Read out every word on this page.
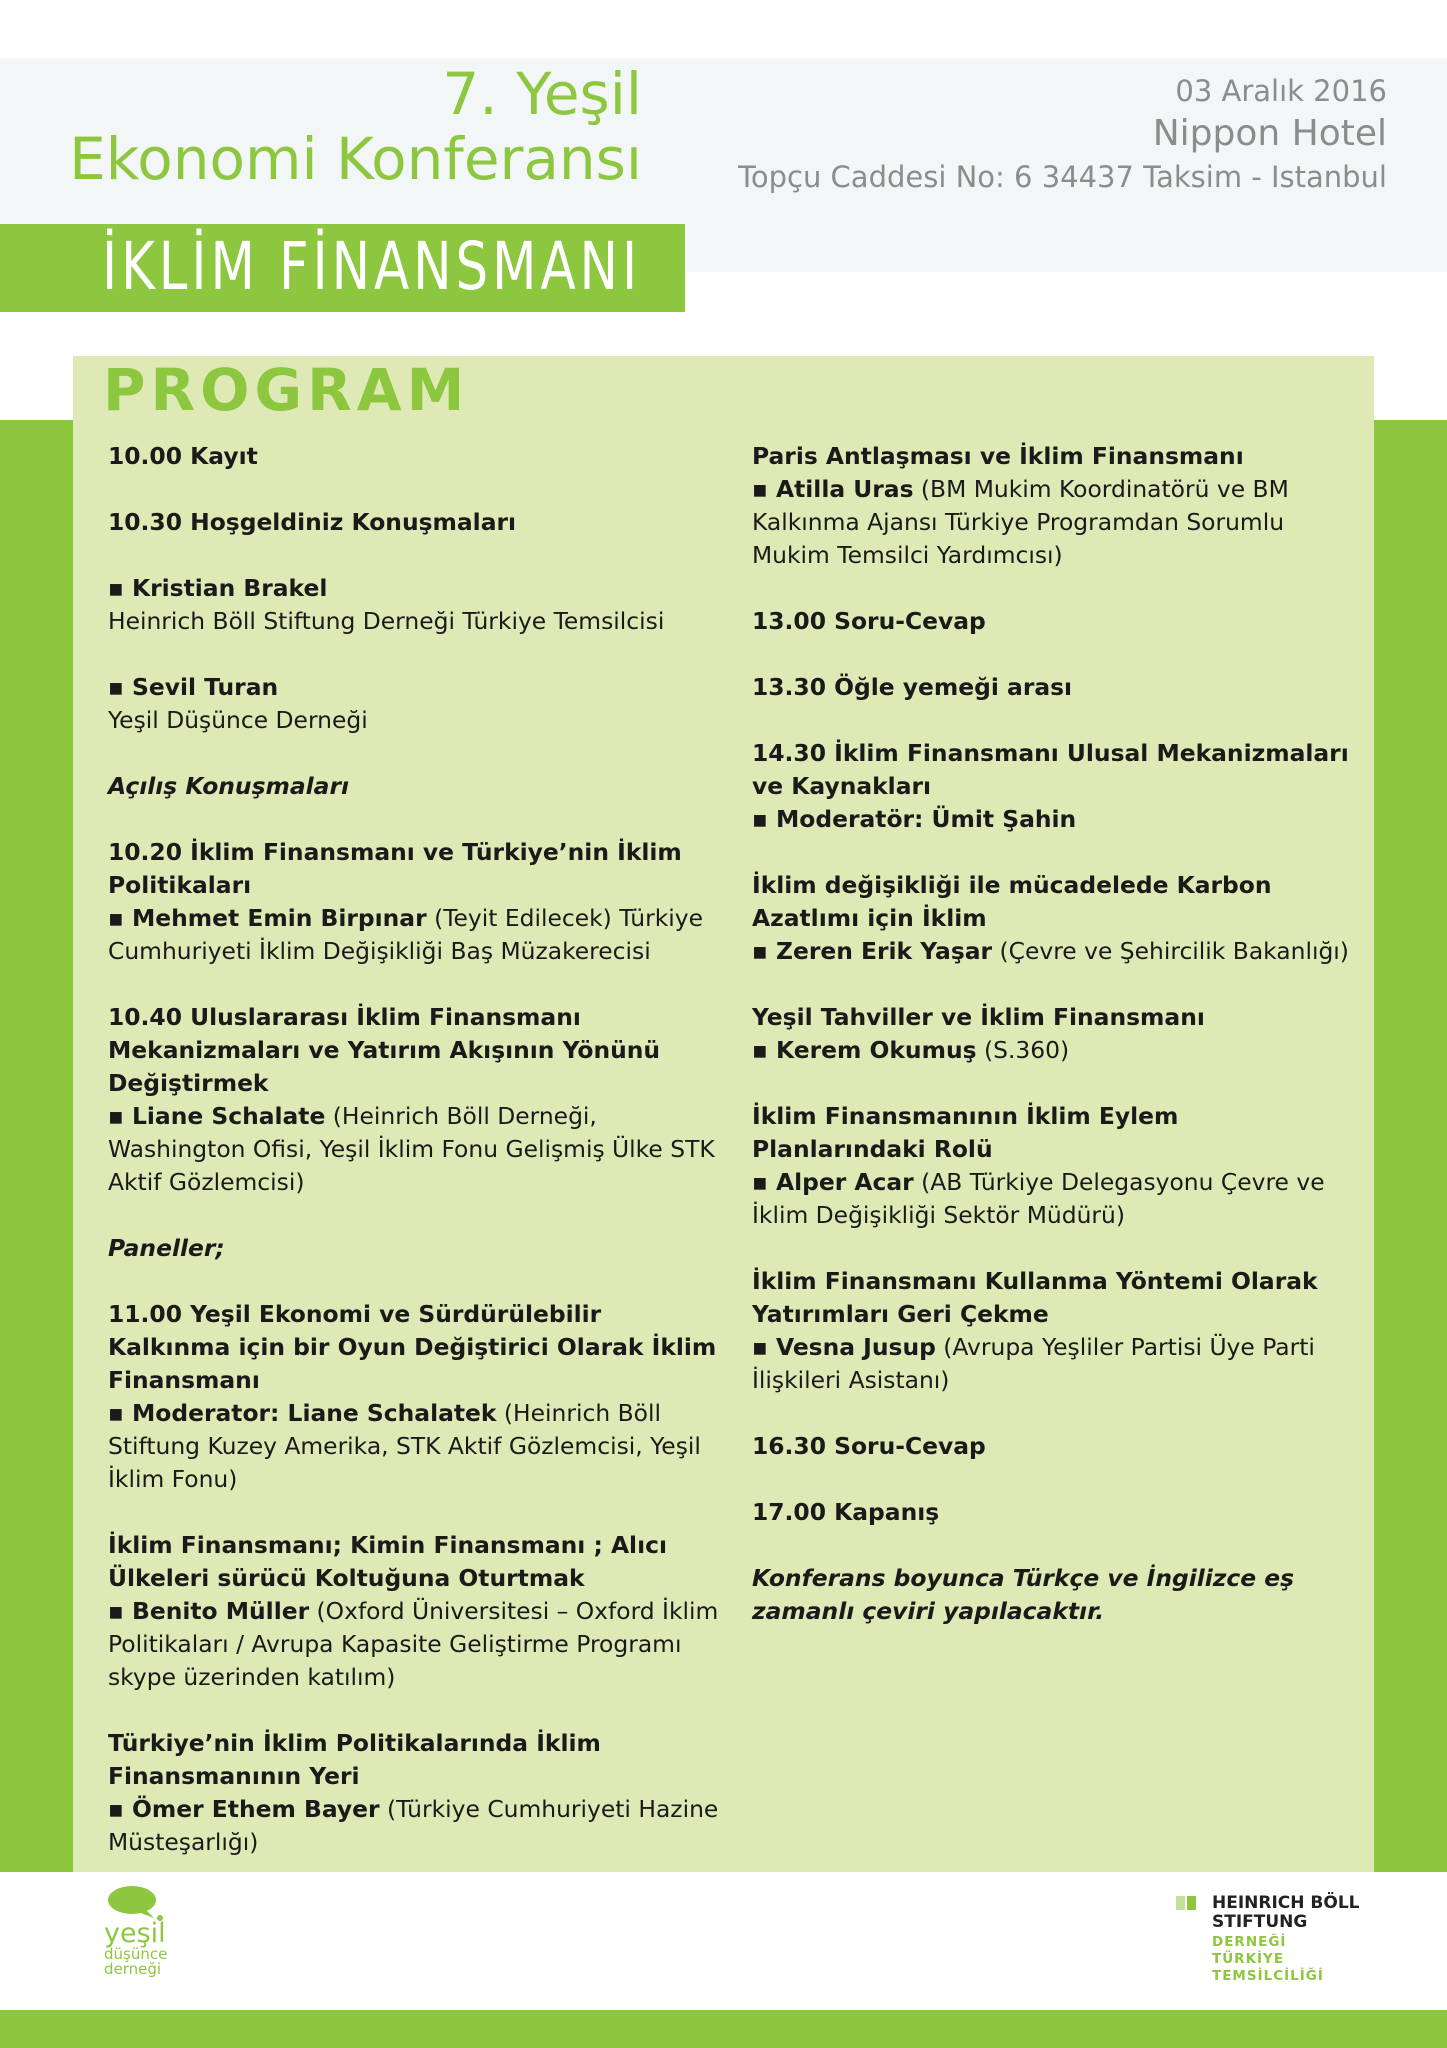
7. Yeşil
Ekonomi Konferansı
İKLİM FİNANSMANI
03 Aralık 2016
Nippon Hotel
Topçu Caddesi No: 6 34437 Taksim - Istanbul
PROGRAM
10.00 Kayıt
10.30 Hoşgeldiniz Konuşmaları
▪ Kristian Brakel
Heinrich Böll Stiftung Derneği Türkiye Temsilcisi
▪ Sevil Turan
Yeşil Düşünce Derneği
Açılış Konuşmaları
10.20 İklim Finansmanı ve Türkiye’nin İklim Politikaları
▪ Mehmet Emin Birpınar (Teyit Edilecek) Türkiye Cumhuriyeti İklim Değişikliği Baş Müzakerecisi
10.40 Uluslararası İklim Finansmanı Mekanizmaları ve Yatırım Akışının Yönünü Değiştirmek
▪ Liane Schalate (Heinrich Böll Derneği, Washington Ofisi, Yeşil İklim Fonu Gelişmiş Ülke STK Aktif Gözlemcisi)
Paneller;
11.00 Yeşil Ekonomi ve Sürdürülebilir Kalkınma için bir Oyun Değiştirici Olarak İklim Finansmanı
▪ Moderator: Liane Schalatek (Heinrich Böll Stiftung Kuzey Amerika, STK Aktif Gözlemcisi, Yeşil İklim Fonu)
İklim Finansmanı; Kimin Finansmanı ; Alıcı Ülkeleri sürücü Koltuğuna Oturtmak
▪ Benito Müller (Oxford Üniversitesi – Oxford İklim Politikaları / Avrupa Kapasite Geliştirme Programı skype üzerinden katılım)
Türkiye’nin İklim Politikalarında İklim Finansmanının Yeri
▪ Ömer Ethem Bayer (Türkiye Cumhuriyeti Hazine Müsteşarlığı)
Paris Antlaşması ve İklim Finansmanı
▪ Atilla Uras (BM Mukim Koordinatörü ve BM Kalkınma Ajansı Türkiye Programdan Sorumlu Mukim Temsilci Yardımcısı)
13.00 Soru-Cevap
13.30 Öğle yemeği arası
14.30 İklim Finansmanı Ulusal Mekanizmaları ve Kaynakları
▪ Moderatör: Ümit Şahin
İklim değişikliği ile mücadelede Karbon Azatlımı için İklim
▪ Zeren Erik Yaşar (Çevre ve Şehircilik Bakanlığı)
Yeşil Tahviller ve İklim Finansmanı
▪ Kerem Okumuş (S.360)
İklim Finansmanının İklim Eylem Planlarındaki Rolü
▪ Alper Acar (AB Türkiye Delegasyonu Çevre ve İklim Değişikliği Sektör Müdürü)
İklim Finansmanı Kullanma Yöntemi Olarak Yatırımları Geri Çekme
▪ Vesna Jusup (Avrupa Yeşliler Partisi Üye Parti İlişkileri Asistanı)
16.30 Soru-Cevap
17.00 Kapanış
Konferans boyunca Türkçe ve İngilizce eş zamanlı çeviri yapılacaktır.
yeşil
düşünce
derneği
HEINRICH BÖLL
STIFTUNG
DERNEĞİ
TÜRKİYE
TEMSİLCİLİĞİ
